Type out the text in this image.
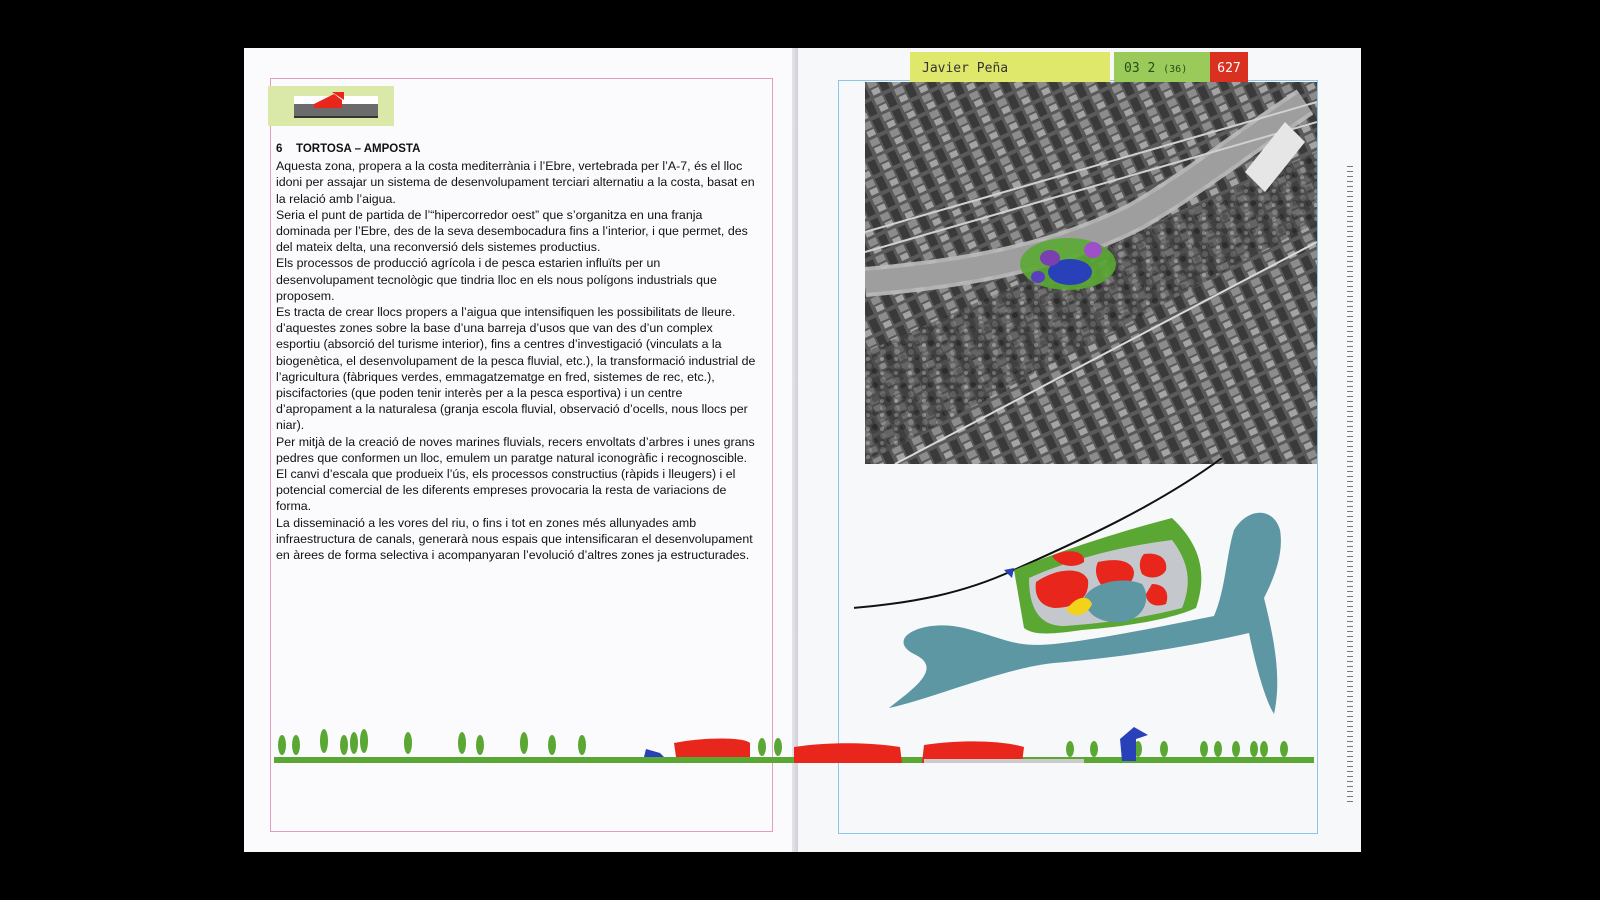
6 TORTOSA – AMPOSTA

Aquesta zona, propera a la costa mediterrània i l’Ebre, vertebrada per l’A-7, és el lloc idoni per assajar un sistema de desenvolupament terciari alternatiu a la costa, basat en la relació amb l’aigua.

Seria el punt de partida de l’“hipercorredor oest” que s’organitza en una franja dominada per l’Ebre, des de la seva desembocadura fins a l’interior, i que permet, des del mateix delta, una reconversió dels sistemes productius.

Els processos de producció agrícola i de pesca estarien influïts per un desenvolupament tecnològic que tindria lloc en els nous polígons industrials que proposem.

Es tracta de crear llocs propers a l’aigua que intensifiquen les possibilitats de lleure. d’aquestes zones sobre la base d’una barreja d’usos que van des d’un complex esportiu (absorció del turisme interior), fins a centres d’investigació (vinculats a la biogenètica, el desenvolupament de la pesca fluvial, etc.), la transformació industrial de l’agricultura (fàbriques verdes, emmagatzematge en fred, sistemes de rec, etc.), piscifactories (que poden tenir interès per a la pesca esportiva) i un centre d’apropament a la naturalesa (granja escola fluvial, observació d’ocells, nous llocs per niar).

Per mitjà de la creació de noves marines fluvials, recers envoltats d’arbres i unes grans pedres que conformen un lloc, emulem un paratge natural iconogràfic i recognoscible.

El canvi d’escala que produeix l’ús, els processos constructius (ràpids i lleugers) i el potencial comercial de les diferents empreses provocaria la resta de variacions de forma.

La disseminació a les vores del riu, o fins i tot en zones més allunyades amb infraestructura de canals, generarà nous espais que intensificaran el desenvolupament en àrees de forma selectiva i acompanyaran l’evolució d’altres zones ja estructurades.

Javier Peña	03 2 (36)	627
